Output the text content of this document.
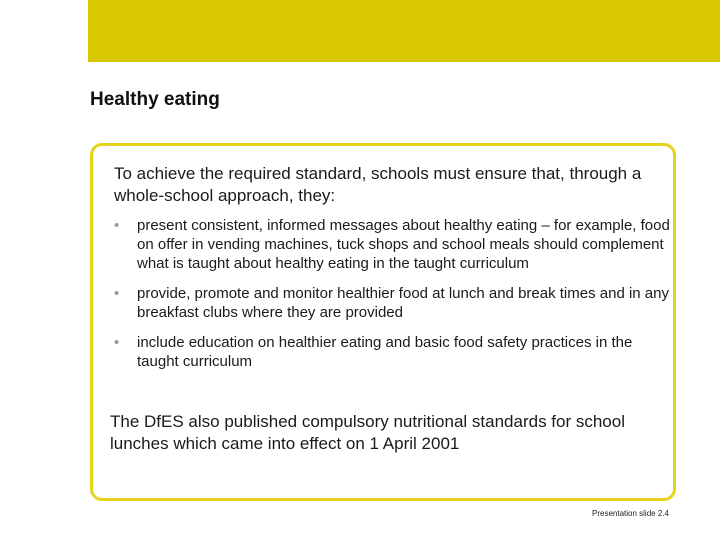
Healthy eating
To achieve the required standard, schools must ensure that, through a whole-school approach, they:
• present consistent, informed messages about healthy eating – for example, food on offer in vending machines, tuck shops and school meals should complement what is taught about healthy eating in the taught curriculum
• provide, promote and monitor healthier food at lunch and break times and in any breakfast clubs where they are provided
• include education on healthier eating and basic food safety practices in the taught curriculum
The DfES also published compulsory nutritional standards for school lunches which came into effect on 1 April 2001
Presentation slide 2.4
